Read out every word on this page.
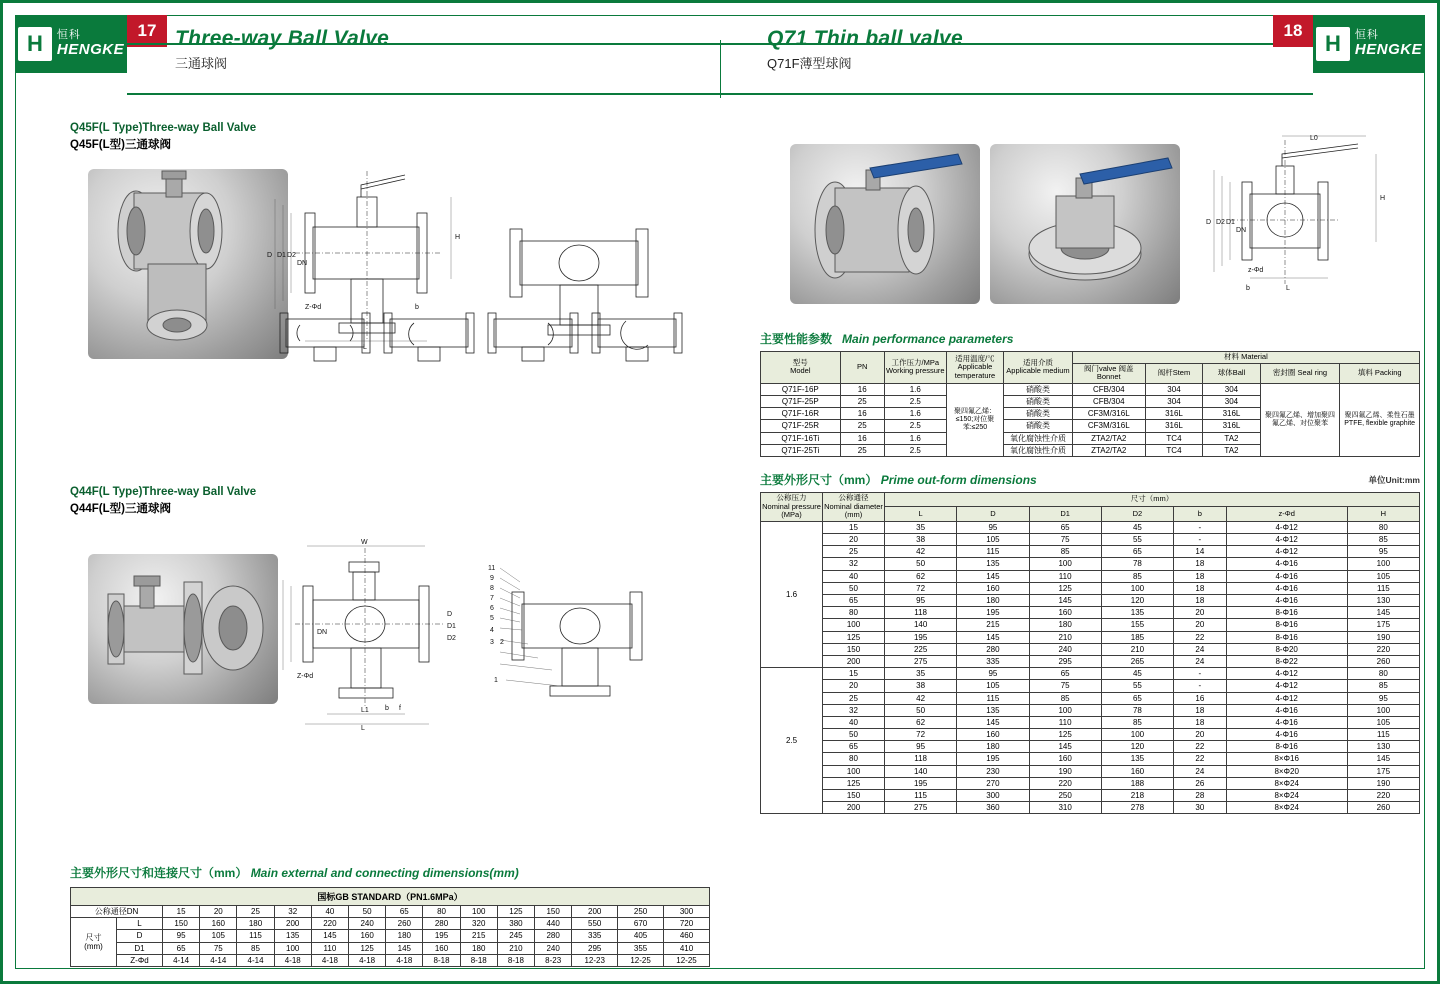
H	恒科
HENGKE
17 Three-way Ball Valve
三通球阀
Q71 Thin ball valve
Q71F薄型球阀
18
H	恒科
HENGKE
Q45F(L Type)Three-way Ball Valve
Q45F(L型)三通球阀
D D1 D2
DN
Z-Φd
L
b
H
Q44F(L Type)Three-way Ball Valve
Q44F(L型)三通球阀
W
DN
D
D1
D2
Z-Φd
L1
L
f
b
11
9
8
7
6
5
4
3 2
1
主要外形尺寸和连接尺寸（mm） Main external and connecting dimensions(mm)
国标GB STANDARD（PN1.6MPa）
公称通径DN		15	20	25	32	40	50	65	80	100	125	150	200	250	300

尺寸
(mm)	L	150	160	180	200	220	240	260	280	320	380	440	550	670	720
	D	95	105	115	135	145	160	180	195	215	245	280	335	405	460
	D1	65	75	85	100	110	125	145	160	180	210	240	295	355	410
	Z-Φd	4-14	4-14	4-14	4-18	4-18	4-18	4-18	8-18	8-18	8-18	8-23	12-23	12-25	12-25
L0
H
D D2 D1
DN
z-Φd
b	L
主要性能参数 Main performance parameters
型号
Model	PN	工作压力/MPa
Working pressure

适用温度/℃
Applicable temperature

适用介质
Applicable medium
	材料 Material
					阀门valve 阀盖Bonnet	阀杆Stem	球体Ball	密封圈 Seal ring	填料 Packing
Q71F-16P	16	1.6	聚四氟乙烯：≤150;对位聚苯:≤250	硝酸类	CFB/304	304	304	聚四氟乙烯、增加聚四氟乙烯、对位聚苯	聚四氟乙烯、柔性石墨 PTFE, flexible graphite
Q71F-25P	25	2.5		硝酸类	CFB/304	304	304		
Q71F-16R	16	1.6		硝酸类	CF3M/316L	316L	316L		
Q71F-25R	25	2.5		硝酸类	CF3M/316L	316L	316L		
Q71F-16Ti	16	1.6		氧化腐蚀性介质	ZTA2/TA2	TC4	TA2		
Q71F-25Ti	25	2.5		氧化腐蚀性介质	ZTA2/TA2	TC4	TA2		
主要外形尺寸（mm） Prime out-form dimensions	单位Unit:mm
公称压力
Nominal pressure
(MPa)

公称通径
Nominal diameter
(mm)
	尺寸（mm）
		L	D	D1	D2	b	z-Φd	H
1.6	15	35	95	65	45	-	4-Φ12	80
	20	38	105	75	55	-	4-Φ12	85
	25	42	115	85	65	14	4-Φ12	95
	32	50	135	100	78	18	4-Φ16	100
	40	62	145	110	85	18	4-Φ16	105
	50	72	160	125	100	18	4-Φ16	115
	65	95	180	145	120	18	4-Φ16	130
	80	118	195	160	135	20	8-Φ16	145
	100	140	215	180	155	20	8-Φ16	175
	125	195	145	210	185	22	8-Φ16	190
	150	225	280	240	210	24	8-Φ20	220
	200	275	335	295	265	24	8-Φ22	260
2.5	15	35	95	65	45	-	4-Φ12	80
	20	38	105	75	55	-	4-Φ12	85
	25	42	115	85	65	16	4-Φ12	95
	32	50	135	100	78	18	4-Φ16	100
	40	62	145	110	85	18	4-Φ16	105
	50	72	160	125	100	20	4-Φ16	115
	65	95	180	145	120	22	8-Φ16	130
	80	118	195	160	135	22	8×Φ16	145
	100	140	230	190	160	24	8×Φ20	175
	125	195	270	220	188	26	8×Φ24	190
	150	115	300	250	218	28	8×Φ24	220
	200	275	360	310	278	30	8×Φ24	260
